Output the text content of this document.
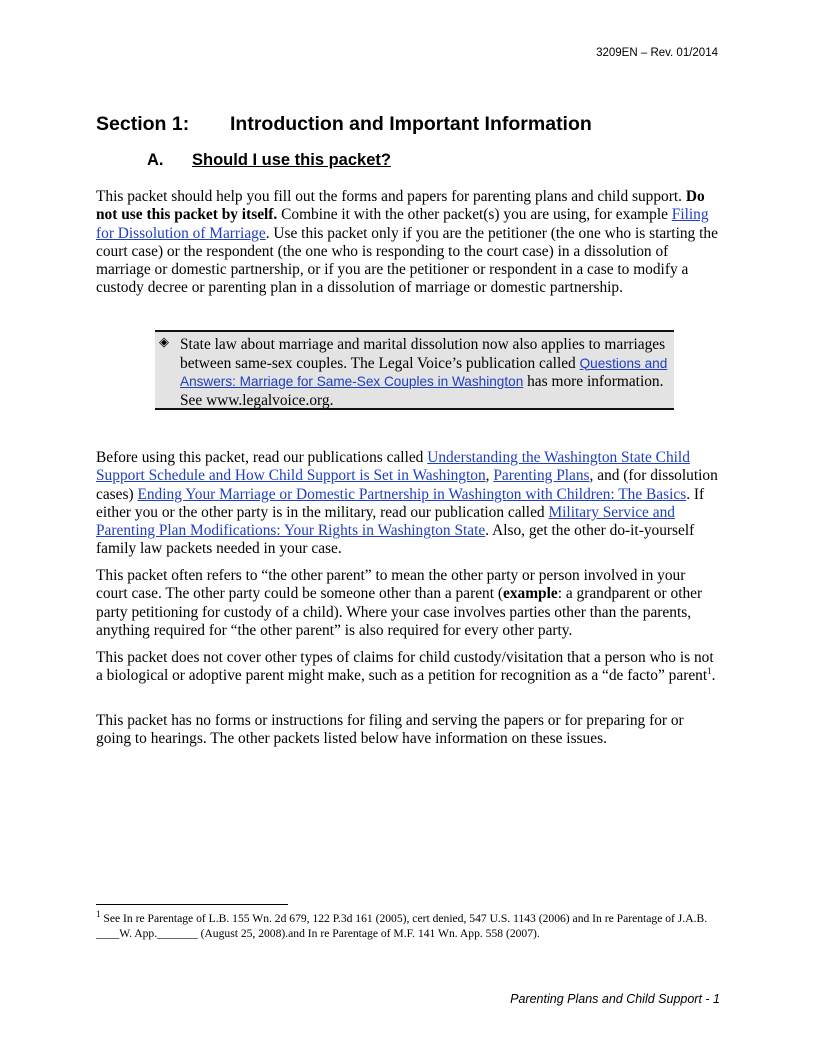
3209EN – Rev. 01/2014
Section 1: Introduction and Important Information
A. Should I use this packet?
This packet should help you fill out the forms and papers for parenting plans and child support. Do not use this packet by itself. Combine it with the other packet(s) you are using, for example Filing for Dissolution of Marriage. Use this packet only if you are the petitioner (the one who is starting the court case) or the respondent (the one who is responding to the court case) in a dissolution of marriage or domestic partnership, or if you are the petitioner or respondent in a case to modify a custody decree or parenting plan in a dissolution of marriage or domestic partnership.
◈ State law about marriage and marital dissolution now also applies to marriages between same-sex couples. The Legal Voice’s publication called Questions and Answers: Marriage for Same-Sex Couples in Washington has more information. See www.legalvoice.org.
Before using this packet, read our publications called Understanding the Washington State Child Support Schedule and How Child Support is Set in Washington, Parenting Plans, and (for dissolution cases) Ending Your Marriage or Domestic Partnership in Washington with Children: The Basics. If either you or the other party is in the military, read our publication called Military Service and Parenting Plan Modifications: Your Rights in Washington State. Also, get the other do-it-yourself family law packets needed in your case.
This packet often refers to “the other parent” to mean the other party or person involved in your court case. The other party could be someone other than a parent (example: a grandparent or other party petitioning for custody of a child). Where your case involves parties other than the parents, anything required for “the other parent” is also required for every other party.
This packet does not cover other types of claims for child custody/visitation that a person who is not a biological or adoptive parent might make, such as a petition for recognition as a “de facto” parent$^1$.
This packet has no forms or instructions for filing and serving the papers or for preparing for or going to hearings. The other packets listed below have information on these issues.
$^1$ See In re Parentage of L.B. 155 Wn. 2d 679, 122 P.3d 161 (2005), cert denied, 547 U.S. 1143 (2006) and In re Parentage of J.A.B. ____W. App._______ (August 25, 2008).and In re Parentage of M.F. 141 Wn. App. 558 (2007).
Parenting Plans and Child Support - 1
